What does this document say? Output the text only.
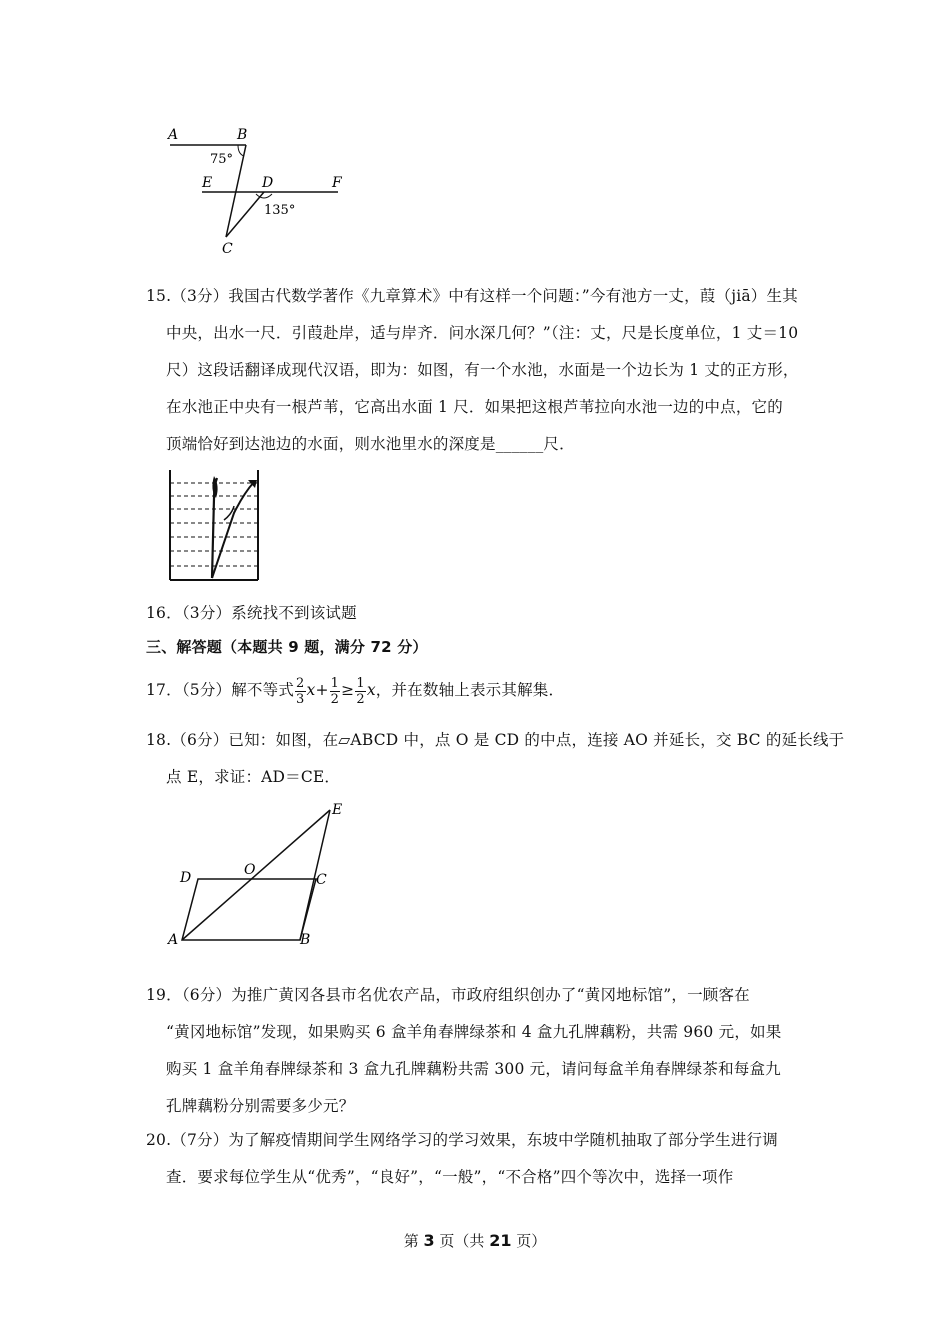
A	B
E	D	F
C
75°
135°
15.（3分）我国古代数学著作《九章算术》中有这样一个问题：”今有池方一丈，葭（jiā）生其
中央，出水一尺．引葭赴岸，适与岸齐．问水深几何？”（注：丈，尺是长度单位，1 丈＝10
尺）这段话翻译成现代汉语，即为：如图，有一个水池，水面是一个边长为 1 丈的正方形，
在水池正中央有一根芦苇，它高出水面 1 尺．如果把这根芦苇拉向水池一边的中点，它的
顶端恰好到达池边的水面，则水池里水的深度是______尺．
16．（3分）系统找不到该试题
三、解答题（本题共 9 题，满分 72 分）
17．（5分）解不等式 $\frac{2}{3} x+ \frac{1}{2} \ge \frac{1}{2}$ x，并在数轴上表示其解集．
18.（6分）已知：如图，在▱ABCD 中，点 O 是 CD 的中点，连接 AO 并延长，交 BC 的延长线于
点 E，求证：AD＝CE．
A	B
C
D
E
O
19．（6分）为推广黄冈各县市名优农产品，市政府组织创办了“黄冈地标馆”，一顾客在
“黄冈地标馆”发现，如果购买 6 盒羊角春牌绿茶和 4 盒九孔牌藕粉，共需 960 元，如果
购买 1 盒羊角春牌绿茶和 3 盒九孔牌藕粉共需 300 元，请问每盒羊角春牌绿茶和每盒九
孔牌藕粉分别需要多少元？
20.（7分）为了解疫情期间学生网络学习的学习效果，东坡中学随机抽取了部分学生进行调
查．要求每位学生从“优秀”，“良好”，“一般”，“不合格”四个等次中，选择一项作
第 3 页（共 21 页）
